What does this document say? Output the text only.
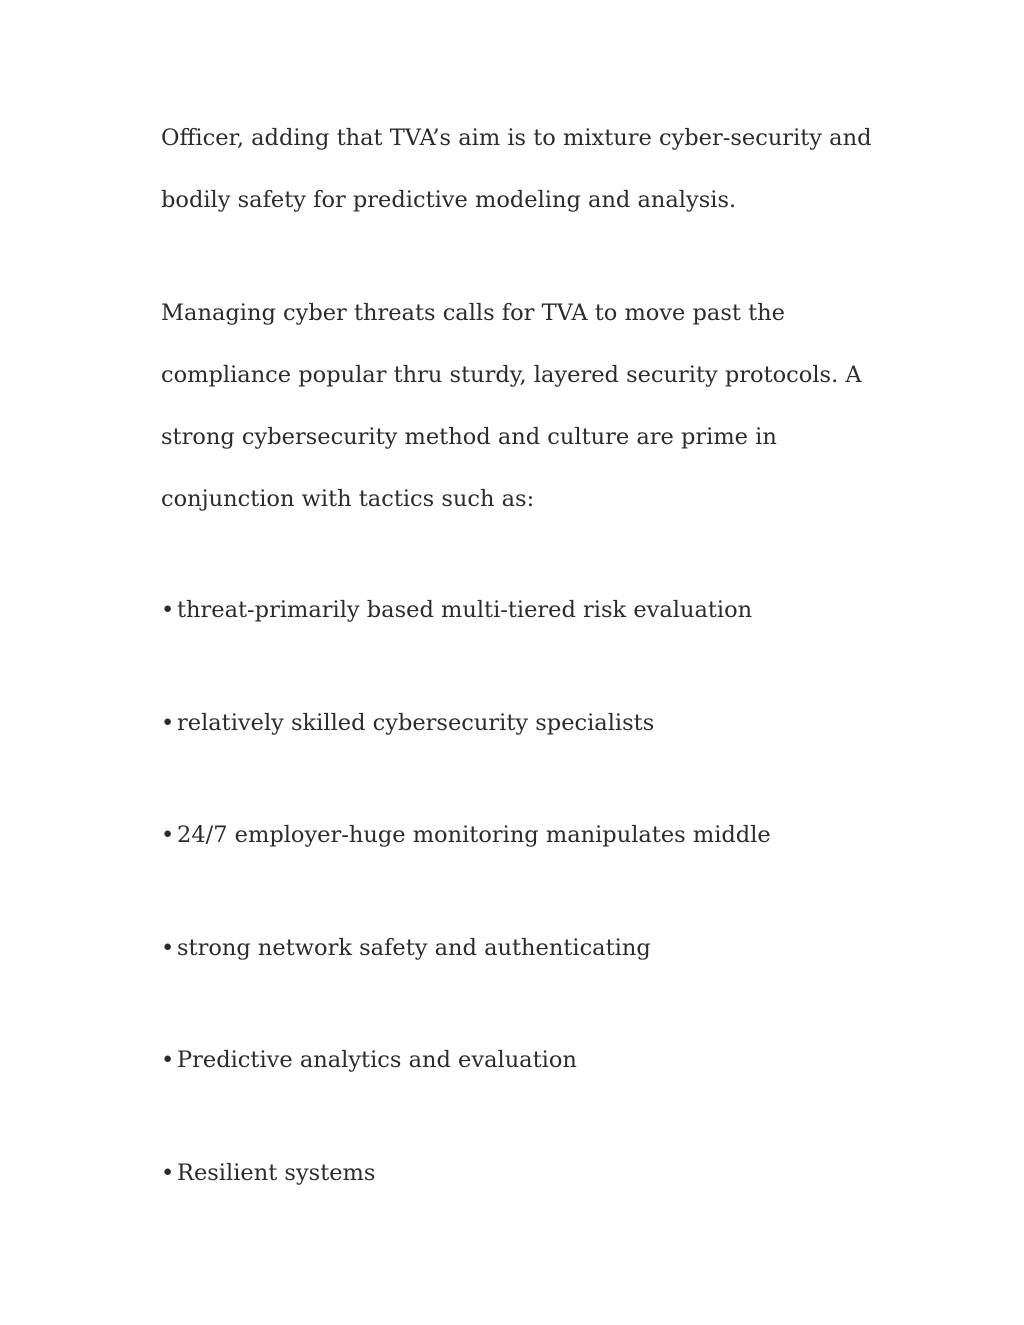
Officer, adding that TVA’s aim is to mixture cyber-security and

bodily safety for predictive modeling and analysis.

Managing cyber threats calls for TVA to move past the

compliance popular thru sturdy, layered security protocols. A

strong cybersecurity method and culture are prime in

conjunction with tactics such as:

• threat-primarily based multi-tiered risk evaluation
• relatively skilled cybersecurity specialists
• 24/7 employer-huge monitoring manipulates middle
• strong network safety and authenticating
• Predictive analytics and evaluation
• Resilient systems
